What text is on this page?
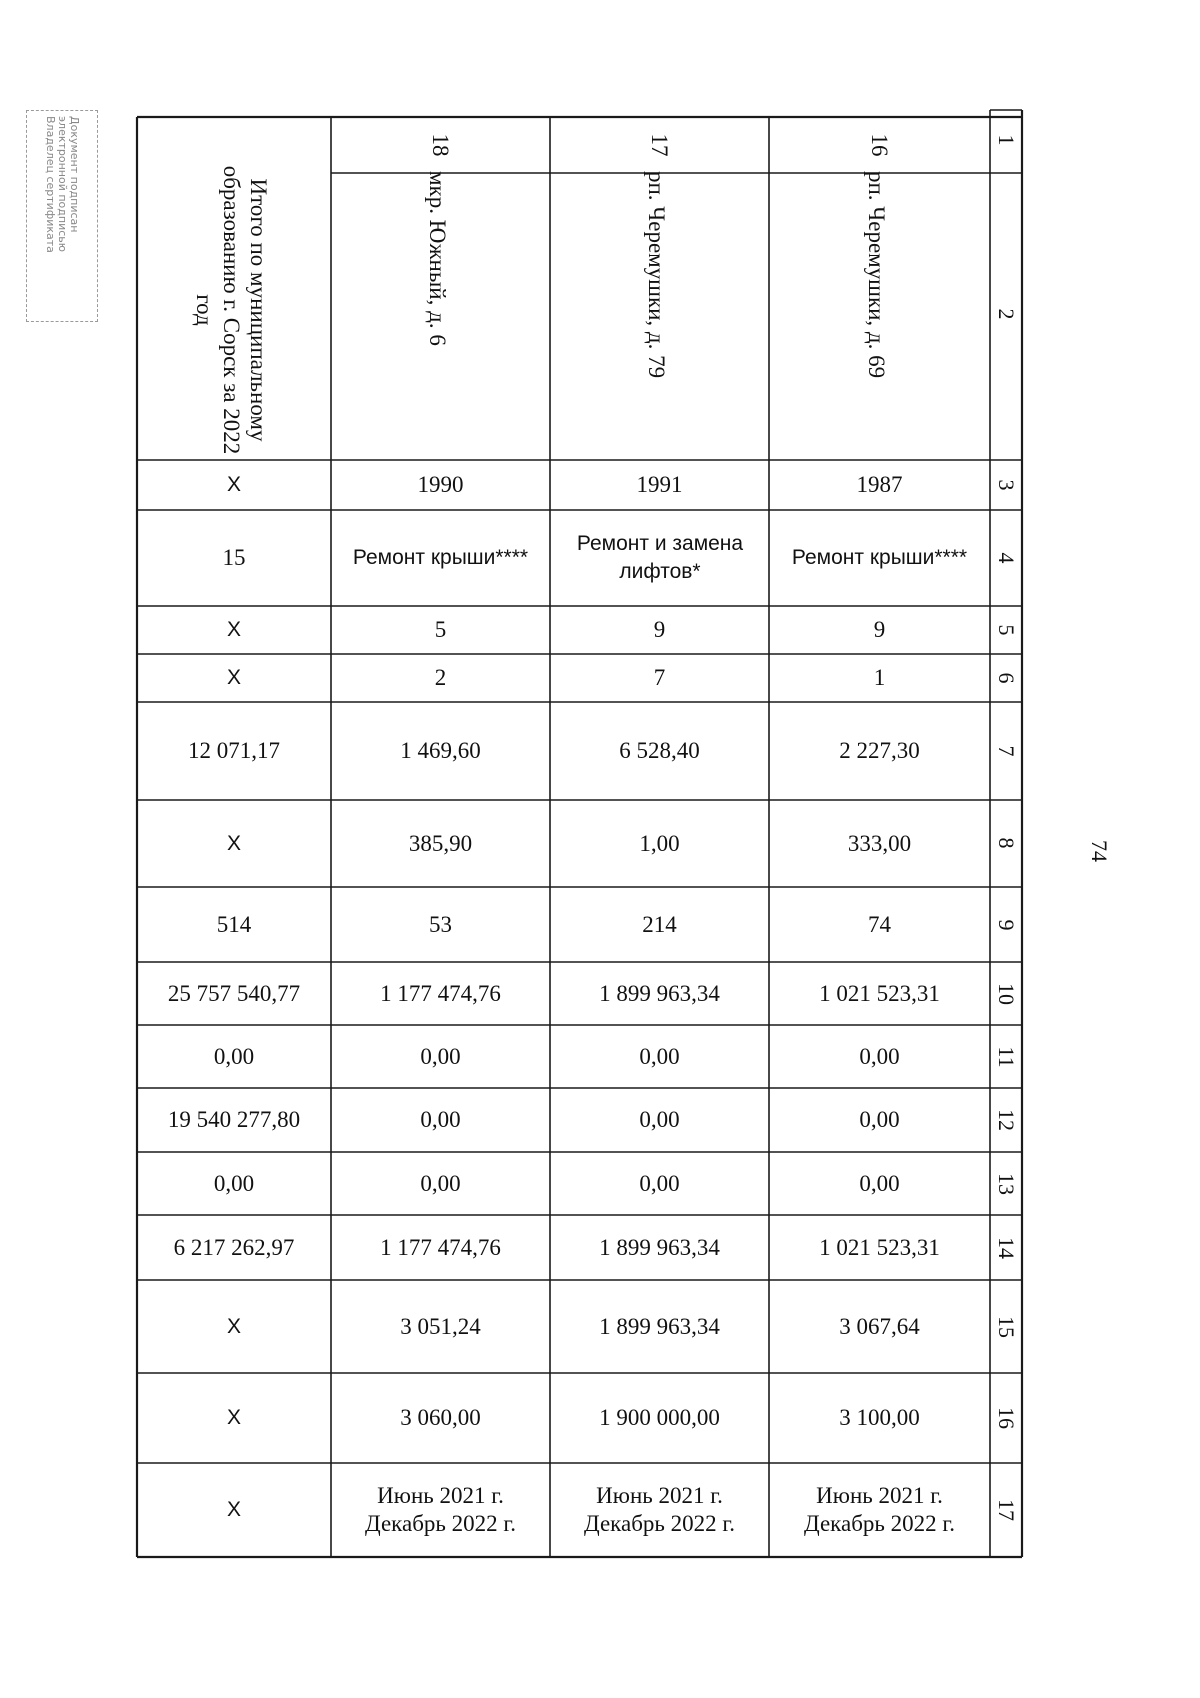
Документ подписан
электронной подписью
Владелец сертификата
74
1
2
3
4
5
6
7
8
9
10
11
12
13
14
15
16
17
16
17
18
рп. Черемушки, д. 69
рп. Черемушки, д. 79
мкр. Южный, д. 6
Итого по муниципальному образованию г. Сорск за 2022 год
1987
1991
1990
X
Ремонт крыши****
Ремонт и замена лифтов*
Ремонт крыши****
15
9
9
5
X
1
7
2
X
2 227,30
6 528,40
1 469,60
12 071,17
333,00
1,00
385,90
X
74
214
53
514
1 021 523,31
1 899 963,34
1 177 474,76
25 757 540,77
0,00
0,00
0,00
0,00
0,00
0,00
0,00
19 540 277,80
0,00
0,00
0,00
0,00
1 021 523,31
1 899 963,34
1 177 474,76
6 217 262,97
3 067,64
1 899 963,34
3 051,24
X
3 100,00
1 900 000,00
3 060,00
X
Июнь 2021 г.
Декабрь 2022 г.
Июнь 2021 г.
Декабрь 2022 г.
Июнь 2021 г.
Декабрь 2022 г.
X
